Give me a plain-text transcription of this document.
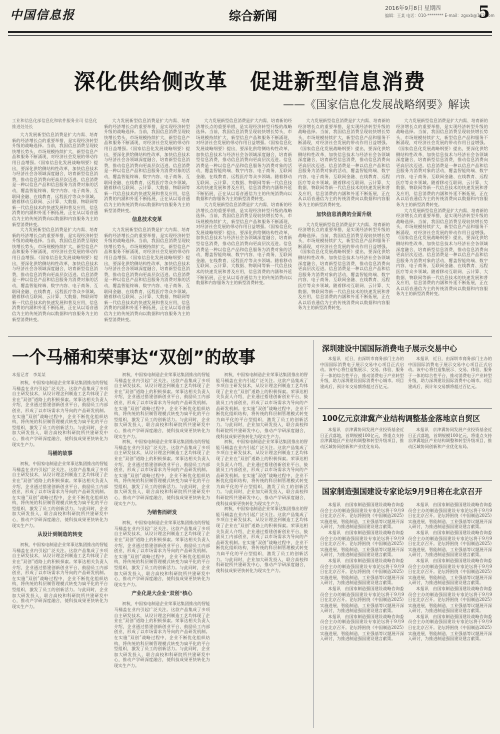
中国信息报	综合新闻	2016年9月8日 星期四
编辑：王某 电话：010-******** E-mail：zgxxb@163.com
5
深化供给侧改革　促进新型信息消费
——《国家信息化发展战略纲要》解读
工业和信息化部信息化和软件服务业司 信息化推进处处长
大力发展新型信息消费是扩大内需、培育新的经济增长点的重要举措，是实现经济转型升级的战略选择。当前，我国信息消费呈现较快增长势头，市场规模持续扩大，新型信息产品和服务不断涌现，对经济社会发展的带动作用日益增强。《国家信息化发展战略纲要》提出，要深化供给侧结构性改革，加快信息技术与经济社会各领域深度融合，培育新型信息消费，推动信息消费向更高层次迈进。信息消费是一种以信息产品和信息服务为消费对象的活动，覆盖智能终端、数字内容、电子商务、互联网金融、在线教育、远程医疗等众多领域。随着移动互联网、云计算、大数据、物联网等新一代信息技术的快速发展和普及应用，信息消费的内涵和外延不断拓展，正在从以语音通信为主的传统消费向以数据和内容服务为主的新型消费转变。
大力发展新型信息消费是扩大内需、培育新的经济增长点的重要举措，是实现经济转型升级的战略选择。当前，我国信息消费呈现较快增长势头，市场规模持续扩大，新型信息产品和服务不断涌现，对经济社会发展的带动作用日益增强。《国家信息化发展战略纲要》提出，要深化供给侧结构性改革，加快信息技术与经济社会各领域深度融合，培育新型信息消费，推动信息消费向更高层次迈进。信息消费是一种以信息产品和信息服务为消费对象的活动，覆盖智能终端、数字内容、电子商务、互联网金融、在线教育、远程医疗等众多领域。随着移动互联网、云计算、大数据、物联网等新一代信息技术的快速发展和普及应用，信息消费的内涵和外延不断拓展，正在从以语音通信为主的传统消费向以数据和内容服务为主的新型消费转变。
大力发展新型信息消费是扩大内需、培育新的经济增长点的重要举措，是实现经济转型升级的战略选择。当前，我国信息消费呈现较快增长势头，市场规模持续扩大，新型信息产品和服务不断涌现，对经济社会发展的带动作用日益增强。《国家信息化发展战略纲要》提出，要深化供给侧结构性改革，加快信息技术与经济社会各领域深度融合，培育新型信息消费，推动信息消费向更高层次迈进。信息消费是一种以信息产品和信息服务为消费对象的活动，覆盖智能终端、数字内容、电子商务、互联网金融、在线教育、远程医疗等众多领域。随着移动互联网、云计算、大数据、物联网等新一代信息技术的快速发展和普及应用，信息消费的内涵和外延不断拓展，正在从以语音通信为主的传统消费向以数据和内容服务为主的新型消费转变。
信息技术变革
大力发展新型信息消费是扩大内需、培育新的经济增长点的重要举措，是实现经济转型升级的战略选择。当前，我国信息消费呈现较快增长势头，市场规模持续扩大，新型信息产品和服务不断涌现，对经济社会发展的带动作用日益增强。《国家信息化发展战略纲要》提出，要深化供给侧结构性改革，加快信息技术与经济社会各领域深度融合，培育新型信息消费，推动信息消费向更高层次迈进。信息消费是一种以信息产品和信息服务为消费对象的活动，覆盖智能终端、数字内容、电子商务、互联网金融、在线教育、远程医疗等众多领域。随着移动互联网、云计算、大数据、物联网等新一代信息技术的快速发展和普及应用，信息消费的内涵和外延不断拓展，正在从以语音通信为主的传统消费向以数据和内容服务为主的新型消费转变。
大力发展新型信息消费是扩大内需、培育新的经济增长点的重要举措，是实现经济转型升级的战略选择。当前，我国信息消费呈现较快增长势头，市场规模持续扩大，新型信息产品和服务不断涌现，对经济社会发展的带动作用日益增强。《国家信息化发展战略纲要》提出，要深化供给侧结构性改革，加快信息技术与经济社会各领域深度融合，培育新型信息消费，推动信息消费向更高层次迈进。信息消费是一种以信息产品和信息服务为消费对象的活动，覆盖智能终端、数字内容、电子商务、互联网金融、在线教育、远程医疗等众多领域。随着移动互联网、云计算、大数据、物联网等新一代信息技术的快速发展和普及应用，信息消费的内涵和外延不断拓展，正在从以语音通信为主的传统消费向以数据和内容服务为主的新型消费转变。
大力发展新型信息消费是扩大内需、培育新的经济增长点的重要举措，是实现经济转型升级的战略选择。当前，我国信息消费呈现较快增长势头，市场规模持续扩大，新型信息产品和服务不断涌现，对经济社会发展的带动作用日益增强。《国家信息化发展战略纲要》提出，要深化供给侧结构性改革，加快信息技术与经济社会各领域深度融合，培育新型信息消费，推动信息消费向更高层次迈进。信息消费是一种以信息产品和信息服务为消费对象的活动，覆盖智能终端、数字内容、电子商务、互联网金融、在线教育、远程医疗等众多领域。随着移动互联网、云计算、大数据、物联网等新一代信息技术的快速发展和普及应用，信息消费的内涵和外延不断拓展，正在从以语音通信为主的传统消费向以数据和内容服务为主的新型消费转变。
大力发展新型信息消费是扩大内需、培育新的经济增长点的重要举措，是实现经济转型升级的战略选择。当前，我国信息消费呈现较快增长势头，市场规模持续扩大，新型信息产品和服务不断涌现，对经济社会发展的带动作用日益增强。《国家信息化发展战略纲要》提出，要深化供给侧结构性改革，加快信息技术与经济社会各领域深度融合，培育新型信息消费，推动信息消费向更高层次迈进。信息消费是一种以信息产品和信息服务为消费对象的活动，覆盖智能终端、数字内容、电子商务、互联网金融、在线教育、远程医疗等众多领域。随着移动互联网、云计算、大数据、物联网等新一代信息技术的快速发展和普及应用，信息消费的内涵和外延不断拓展，正在从以语音通信为主的传统消费向以数据和内容服务为主的新型消费转变。
加快信息消费的全面升级
大力发展新型信息消费是扩大内需、培育新的经济增长点的重要举措，是实现经济转型升级的战略选择。当前，我国信息消费呈现较快增长势头，市场规模持续扩大，新型信息产品和服务不断涌现，对经济社会发展的带动作用日益增强。《国家信息化发展战略纲要》提出，要深化供给侧结构性改革，加快信息技术与经济社会各领域深度融合，培育新型信息消费，推动信息消费向更高层次迈进。信息消费是一种以信息产品和信息服务为消费对象的活动，覆盖智能终端、数字内容、电子商务、互联网金融、在线教育、远程医疗等众多领域。随着移动互联网、云计算、大数据、物联网等新一代信息技术的快速发展和普及应用，信息消费的内涵和外延不断拓展，正在从以语音通信为主的传统消费向以数据和内容服务为主的新型消费转变。
大力发展新型信息消费是扩大内需、培育新的经济增长点的重要举措，是实现经济转型升级的战略选择。当前，我国信息消费呈现较快增长势头，市场规模持续扩大，新型信息产品和服务不断涌现，对经济社会发展的带动作用日益增强。《国家信息化发展战略纲要》提出，要深化供给侧结构性改革，加快信息技术与经济社会各领域深度融合，培育新型信息消费，推动信息消费向更高层次迈进。信息消费是一种以信息产品和信息服务为消费对象的活动，覆盖智能终端、数字内容、电子商务、互联网金融、在线教育、远程医疗等众多领域。随着移动互联网、云计算、大数据、物联网等新一代信息技术的快速发展和普及应用，信息消费的内涵和外延不断拓展，正在从以语音通信为主的传统消费向以数据和内容服务为主的新型消费转变。
大力发展新型信息消费是扩大内需、培育新的经济增长点的重要举措，是实现经济转型升级的战略选择。当前，我国信息消费呈现较快增长势头，市场规模持续扩大，新型信息产品和服务不断涌现，对经济社会发展的带动作用日益增强。《国家信息化发展战略纲要》提出，要深化供给侧结构性改革，加快信息技术与经济社会各领域深度融合，培育新型信息消费，推动信息消费向更高层次迈进。信息消费是一种以信息产品和信息服务为消费对象的活动，覆盖智能终端、数字内容、电子商务、互联网金融、在线教育、远程医疗等众多领域。随着移动互联网、云计算、大数据、物联网等新一代信息技术的快速发展和普及应用，信息消费的内涵和外延不断拓展，正在从以语音通信为主的传统消费向以数据和内容服务为主的新型消费转变。
一个马桶和荣事达“双创”的故事
本报记者　李某某
初秋，中国家电制造企业荣事达集团推出的智能马桶盖在业内引起广泛关注。这款产品集成了多项自主研发技术，从设计理念到制造工艺均体现了企业在“双创”道路上的积极探索。荣事达相关负责人介绍，企业通过搭建创新创业平台，鼓励员工内部创业，形成了以市场需求为导向的产品研发机制。在实施“双创”战略过程中，企业不断优化组织结构，将传统的科层制管理模式转变为扁平化的平台型组织，激发了员工的创新活力。与此同时，企业加大研发投入，联合高校和科研院所共建研发中心，推动产学研深度融合，使科技成果更快转化为现实生产力。
马桶的故事
初秋，中国家电制造企业荣事达集团推出的智能马桶盖在业内引起广泛关注。这款产品集成了多项自主研发技术，从设计理念到制造工艺均体现了企业在“双创”道路上的积极探索。荣事达相关负责人介绍，企业通过搭建创新创业平台，鼓励员工内部创业，形成了以市场需求为导向的产品研发机制。在实施“双创”战略过程中，企业不断优化组织结构，将传统的科层制管理模式转变为扁平化的平台型组织，激发了员工的创新活力。与此同时，企业加大研发投入，联合高校和科研院所共建研发中心，推动产学研深度融合，使科技成果更快转化为现实生产力。
从设计到制造的转变
初秋，中国家电制造企业荣事达集团推出的智能马桶盖在业内引起广泛关注。这款产品集成了多项自主研发技术，从设计理念到制造工艺均体现了企业在“双创”道路上的积极探索。荣事达相关负责人介绍，企业通过搭建创新创业平台，鼓励员工内部创业，形成了以市场需求为导向的产品研发机制。在实施“双创”战略过程中，企业不断优化组织结构，将传统的科层制管理模式转变为扁平化的平台型组织，激发了员工的创新活力。与此同时，企业加大研发投入，联合高校和科研院所共建研发中心，推动产学研深度融合，使科技成果更快转化为现实生产力。
初秋，中国家电制造企业荣事达集团推出的智能马桶盖在业内引起广泛关注。这款产品集成了多项自主研发技术，从设计理念到制造工艺均体现了企业在“双创”道路上的积极探索。荣事达相关负责人介绍，企业通过搭建创新创业平台，鼓励员工内部创业，形成了以市场需求为导向的产品研发机制。在实施“双创”战略过程中，企业不断优化组织结构，将传统的科层制管理模式转变为扁平化的平台型组织，激发了员工的创新活力。与此同时，企业加大研发投入，联合高校和科研院所共建研发中心，推动产学研深度融合，使科技成果更快转化为现实生产力。
初秋，中国家电制造企业荣事达集团推出的智能马桶盖在业内引起广泛关注。这款产品集成了多项自主研发技术，从设计理念到制造工艺均体现了企业在“双创”道路上的积极探索。荣事达相关负责人介绍，企业通过搭建创新创业平台，鼓励员工内部创业，形成了以市场需求为导向的产品研发机制。在实施“双创”战略过程中，企业不断优化组织结构，将传统的科层制管理模式转变为扁平化的平台型组织，激发了员工的创新活力。与此同时，企业加大研发投入，联合高校和科研院所共建研发中心，推动产学研深度融合，使科技成果更快转化为现实生产力。
为销售而研发
初秋，中国家电制造企业荣事达集团推出的智能马桶盖在业内引起广泛关注。这款产品集成了多项自主研发技术，从设计理念到制造工艺均体现了企业在“双创”道路上的积极探索。荣事达相关负责人介绍，企业通过搭建创新创业平台，鼓励员工内部创业，形成了以市场需求为导向的产品研发机制。在实施“双创”战略过程中，企业不断优化组织结构，将传统的科层制管理模式转变为扁平化的平台型组织，激发了员工的创新活力。与此同时，企业加大研发投入，联合高校和科研院所共建研发中心，推动产学研深度融合，使科技成果更快转化为现实生产力。
产业化是大企业“双创”核心
初秋，中国家电制造企业荣事达集团推出的智能马桶盖在业内引起广泛关注。这款产品集成了多项自主研发技术，从设计理念到制造工艺均体现了企业在“双创”道路上的积极探索。荣事达相关负责人介绍，企业通过搭建创新创业平台，鼓励员工内部创业，形成了以市场需求为导向的产品研发机制。在实施“双创”战略过程中，企业不断优化组织结构，将传统的科层制管理模式转变为扁平化的平台型组织，激发了员工的创新活力。与此同时，企业加大研发投入，联合高校和科研院所共建研发中心，推动产学研深度融合，使科技成果更快转化为现实生产力。
初秋，中国家电制造企业荣事达集团推出的智能马桶盖在业内引起广泛关注。这款产品集成了多项自主研发技术，从设计理念到制造工艺均体现了企业在“双创”道路上的积极探索。荣事达相关负责人介绍，企业通过搭建创新创业平台，鼓励员工内部创业，形成了以市场需求为导向的产品研发机制。在实施“双创”战略过程中，企业不断优化组织结构，将传统的科层制管理模式转变为扁平化的平台型组织，激发了员工的创新活力。与此同时，企业加大研发投入，联合高校和科研院所共建研发中心，推动产学研深度融合，使科技成果更快转化为现实生产力。
初秋，中国家电制造企业荣事达集团推出的智能马桶盖在业内引起广泛关注。这款产品集成了多项自主研发技术，从设计理念到制造工艺均体现了企业在“双创”道路上的积极探索。荣事达相关负责人介绍，企业通过搭建创新创业平台，鼓励员工内部创业，形成了以市场需求为导向的产品研发机制。在实施“双创”战略过程中，企业不断优化组织结构，将传统的科层制管理模式转变为扁平化的平台型组织，激发了员工的创新活力。与此同时，企业加大研发投入，联合高校和科研院所共建研发中心，推动产学研深度融合，使科技成果更快转化为现实生产力。
初秋，中国家电制造企业荣事达集团推出的智能马桶盖在业内引起广泛关注。这款产品集成了多项自主研发技术，从设计理念到制造工艺均体现了企业在“双创”道路上的积极探索。荣事达相关负责人介绍，企业通过搭建创新创业平台，鼓励员工内部创业，形成了以市场需求为导向的产品研发机制。在实施“双创”战略过程中，企业不断优化组织结构，将传统的科层制管理模式转变为扁平化的平台型组织，激发了员工的创新活力。与此同时，企业加大研发投入，联合高校和科研院所共建研发中心，推动产学研深度融合，使科技成果更快转化为现实生产力。
深圳建设中国国际消费电子展示交易中心
本报讯　近日，由深圳市商务部门主办的中国国际消费电子展示交易中心项目正式启动。该中心将打造集展示、交易、体验、服务于一体的综合性平台，推动消费电子产业转型升级，助力深圳建设国际消费中心城市。项目建成后，预计年交易额将超过百亿元。
本报讯　近日，由深圳市商务部门主办的中国国际消费电子展示交易中心项目正式启动。该中心将打造集展示、交易、体验、服务于一体的综合性平台，推动消费电子产业转型升级，助力深圳建设国际消费中心城市。项目建成后，预计年交易额将超过百亿元。
100亿元京津冀产业结构调整基金落地京自贸区
本报讯　京津冀协同发展产业投资基金近日正式落地，首期规模100亿元，将重点支持京津冀地区产业结构调整和转型升级项目，推动区域协同创新和产业优化布局。
本报讯　京津冀协同发展产业投资基金近日正式落地，首期规模100亿元，将重点支持京津冀地区产业结构调整和转型升级项目，推动区域协同创新和产业优化布局。
国家制造强国建设专家论坛9月9日将在北京召开
本报讯　由国家制造强国建设战略咨询委员会主办的制造强国建设专家论坛将于9月9日在北京召开。论坛将围绕《中国制造2025》实施进展、智能制造、工业强基等议题展开深入研讨，为推进制造强国建设建言献策。
本报讯　由国家制造强国建设战略咨询委员会主办的制造强国建设专家论坛将于9月9日在北京召开。论坛将围绕《中国制造2025》实施进展、智能制造、工业强基等议题展开深入研讨，为推进制造强国建设建言献策。
本报讯　由国家制造强国建设战略咨询委员会主办的制造强国建设专家论坛将于9月9日在北京召开。论坛将围绕《中国制造2025》实施进展、智能制造、工业强基等议题展开深入研讨，为推进制造强国建设建言献策。
本报讯　由国家制造强国建设战略咨询委员会主办的制造强国建设专家论坛将于9月9日在北京召开。论坛将围绕《中国制造2025》实施进展、智能制造、工业强基等议题展开深入研讨，为推进制造强国建设建言献策。
本报讯　由国家制造强国建设战略咨询委员会主办的制造强国建设专家论坛将于9月9日在北京召开。论坛将围绕《中国制造2025》实施进展、智能制造、工业强基等议题展开深入研讨，为推进制造强国建设建言献策。
本报讯　由国家制造强国建设战略咨询委员会主办的制造强国建设专家论坛将于9月9日在北京召开。论坛将围绕《中国制造2025》实施进展、智能制造、工业强基等议题展开深入研讨，为推进制造强国建设建言献策。
本报讯　由国家制造强国建设战略咨询委员会主办的制造强国建设专家论坛将于9月9日在北京召开。论坛将围绕《中国制造2025》实施进展、智能制造、工业强基等议题展开深入研讨，为推进制造强国建设建言献策。
本报讯　由国家制造强国建设战略咨询委员会主办的制造强国建设专家论坛将于9月9日在北京召开。论坛将围绕《中国制造2025》实施进展、智能制造、工业强基等议题展开深入研讨，为推进制造强国建设建言献策。
本报讯　由国家制造强国建设战略咨询委员会主办的制造强国建设专家论坛将于9月9日在北京召开。论坛将围绕《中国制造2025》实施进展、智能制造、工业强基等议题展开深入研讨，为推进制造强国建设建言献策。
本报讯　由国家制造强国建设战略咨询委员会主办的制造强国建设专家论坛将于9月9日在北京召开。论坛将围绕《中国制造2025》实施进展、智能制造、工业强基等议题展开深入研讨，为推进制造强国建设建言献策。
